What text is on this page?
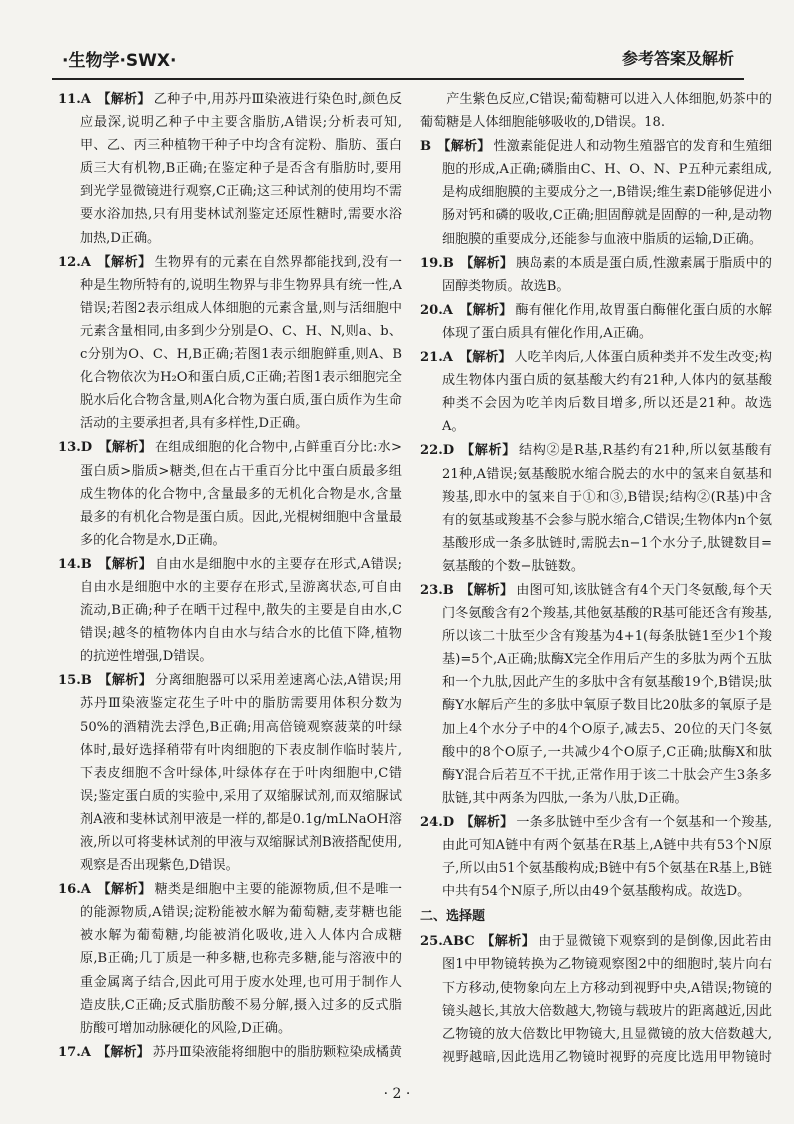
·生物学·SWX·	参考答案及解析
11.A 【解析】 乙种子中,用苏丹Ⅲ染液进行染色时,颜色反应最深,说明乙种子中主要含脂肪,A错误;分析表可知,甲、乙、丙三种植物干种子中均含有淀粉、脂肪、蛋白质三大有机物,B正确;在鉴定种子是否含有脂肪时,要用到光学显微镜进行观察,C正确;这三种试剂的使用均不需要水浴加热,只有用斐林试剂鉴定还原性糖时,需要水浴加热,D正确。
12.A 【解析】 生物界有的元素在自然界都能找到,没有一种是生物所特有的,说明生物界与非生物界具有统一性,A错误;若图2表示组成人体细胞的元素含量,则与活细胞中元素含量相同,由多到少分别是O、C、H、N,则a、b、c分别为O、C、H,B正确;若图1表示细胞鲜重,则A、B化合物依次为H₂O和蛋白质,C正确;若图1表示细胞完全脱水后化合物含量,则A化合物为蛋白质,蛋白质作为生命活动的主要承担者,具有多样性,D正确。
13.D 【解析】 在组成细胞的化合物中,占鲜重百分比:水>蛋白质>脂质>糖类,但在占干重百分比中蛋白质最多组成生物体的化合物中,含量最多的无机化合物是水,含量最多的有机化合物是蛋白质。因此,光棍树细胞中含量最多的化合物是水,D正确。
14.B 【解析】 自由水是细胞中水的主要存在形式,A错误;自由水是细胞中水的主要存在形式,呈游离状态,可自由流动,B正确;种子在晒干过程中,散失的主要是自由水,C错误;越冬的植物体内自由水与结合水的比值下降,植物的抗逆性增强,D错误。
15.B 【解析】 分离细胞器可以采用差速离心法,A错误;用苏丹Ⅲ染液鉴定花生子叶中的脂肪需要用体积分数为50%的酒精洗去浮色,B正确;用高倍镜观察菠菜的叶绿体时,最好选择稍带有叶肉细胞的下表皮制作临时装片,下表皮细胞不含叶绿体,叶绿体存在于叶肉细胞中,C错误;鉴定蛋白质的实验中,采用了双缩脲试剂,而双缩脲试剂A液和斐林试剂甲液是一样的,都是0.1g/mLNaOH溶液,所以可将斐林试剂的甲液与双缩脲试剂B液搭配使用,观察是否出现紫色,D错误。
16.A 【解析】 糖类是细胞中主要的能源物质,但不是唯一的能源物质,A错误;淀粉能被水解为葡萄糖,麦芽糖也能被水解为葡萄糖,均能被消化吸收,进入人体内合成糖原,B正确;几丁质是一种多糖,也称壳多糖,能与溶液中的重金属离子结合,因此可用于废水处理,也可用于制作人造皮肤,C正确;反式脂肪酸不易分解,摄入过多的反式脂肪酸可增加动脉硬化的风险,D正确。
17.A 【解析】 苏丹Ⅲ染液能将细胞中的脂肪颗粒染成橘黄
产生紫色反应,C错误;葡萄糖可以进入人体细胞,奶茶中的葡萄糖是人体细胞能够吸收的,D错误。18.
B 【解析】 性激素能促进人和动物生殖器官的发育和生殖细胞的形成,A正确;磷脂由C、H、O、N、P五种元素组成,是构成细胞膜的主要成分之一,B错误;维生素D能够促进小肠对钙和磷的吸收,C正确;胆固醇就是固醇的一种,是动物细胞膜的重要成分,还能参与血液中脂质的运输,D正确。
19.B 【解析】 胰岛素的本质是蛋白质,性激素属于脂质中的固醇类物质。故选B。
20.A 【解析】 酶有催化作用,故胃蛋白酶催化蛋白质的水解体现了蛋白质具有催化作用,A正确。
21.A 【解析】 人吃羊肉后,人体蛋白质种类并不发生改变;构成生物体内蛋白质的氨基酸大约有21种,人体内的氨基酸种类不会因为吃羊肉后数目增多,所以还是21种。故选A。
22.D 【解析】 结构②是R基,R基约有21种,所以氨基酸有21种,A错误;氨基酸脱水缩合脱去的水中的氢来自氨基和羧基,即水中的氢来自于①和③,B错误;结构②(R基)中含有的氨基或羧基不会参与脱水缩合,C错误;生物体内n个氨基酸形成一条多肽链时,需脱去n−1个水分子,肽键数目=氨基酸的个数−肽链数。
23.B 【解析】 由图可知,该肽链含有4个天门冬氨酸,每个天门冬氨酸含有2个羧基,其他氨基酸的R基可能还含有羧基,所以该二十肽至少含有羧基为4+1(每条肽链1至少1个羧基)=5个,A正确;肽酶X完全作用后产生的多肽为两个五肽和一个九肽,因此产生的多肽中含有氨基酸19个,B错误;肽酶Y水解后产生的多肽中氧原子数目比20肽多的氧原子是加上4个水分子中的4个O原子,减去5、20位的天门冬氨酸中的8个O原子,一共减少4个O原子,C正确;肽酶X和肽酶Y混合后若互不干扰,正常作用于该二十肽会产生3条多肽链,其中两条为四肽,一条为八肽,D正确。
24.D 【解析】 一条多肽链中至少含有一个氨基和一个羧基,由此可知A链中有两个氨基在R基上,A链中共有53个N原子,所以由51个氨基酸构成;B链中有5个氨基在R基上,B链中共有54个N原子,所以由49个氨基酸构成。故选D。
二、选择题
25.ABC 【解析】 由于显微镜下观察到的是倒像,因此若由图1中甲物镜转换为乙物镜观察图2中的细胞时,装片向右下方移动,使物象向左上方移动到视野中央,A错误;物镜的镜头越长,其放大倍数越大,物镜与载玻片的距离越近,因此乙物镜的放大倍数比甲物镜大,且显微镜的放大倍数越大,视野越暗,因此选用乙物镜时视野的亮度比选用甲物镜时
· 2 ·
